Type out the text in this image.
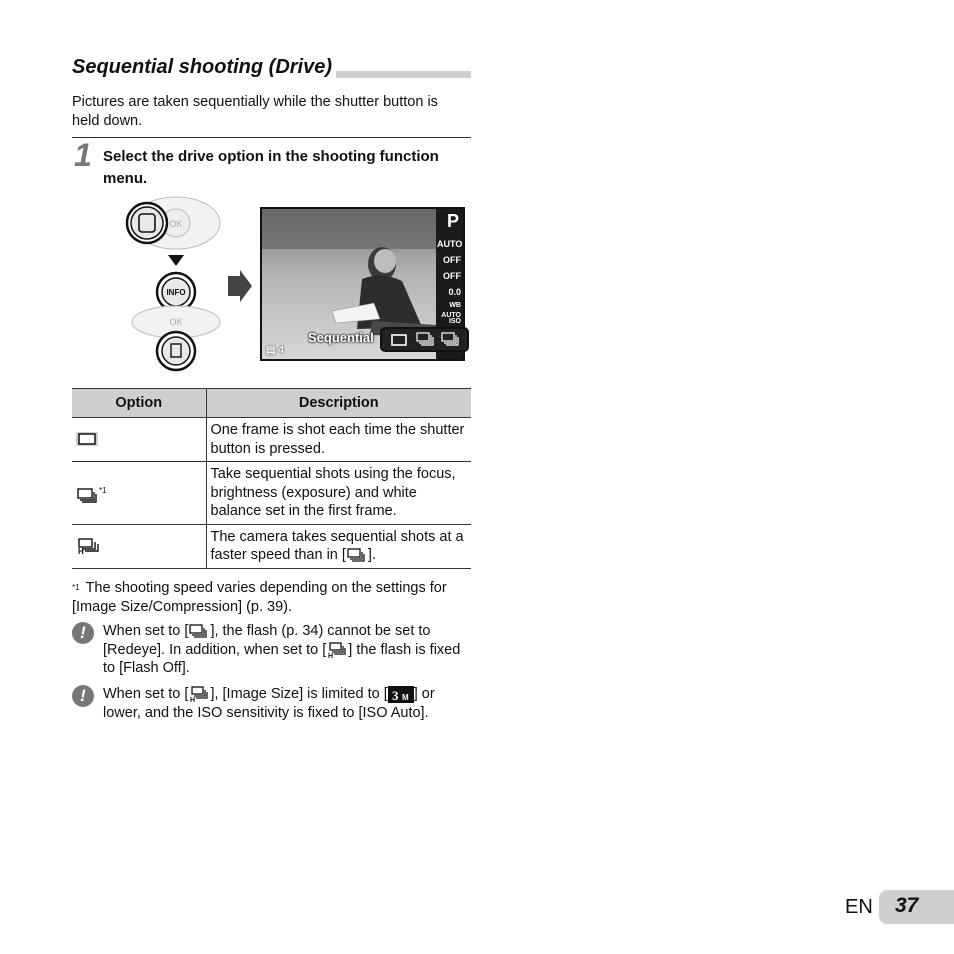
Sequential shooting (Drive)
Pictures are taken sequentially while the shutter button is held down.
1 Select the drive option in the shooting function menu.
OK
INFO
OK
P
AUTO
OFF
OFF
0.0
WB AUTO
ISO
Sequential
▤ 4
Option	Description
	One frame is shot each time the shutter button is pressed.
$^{*1}$	Take sequential shots using the focus, brightness (exposure) and white balance set in the first frame.

H	The camera takes sequential shots at a faster speed than in [ ].
$^{*1}$ The shooting speed varies depending on the settings for [Image Size/Compression] (p. 39).
!	When set to [ ], the flash (p. 34) cannot be set to [Redeye]. In addition, when set to [ H ] the flash is fixed to [Flash Off].
!	When set to [ H ], [Image Size] is limited to [ 3 M ] or lower, and the ISO sensitivity is fixed to [ISO Auto].
EN 37
